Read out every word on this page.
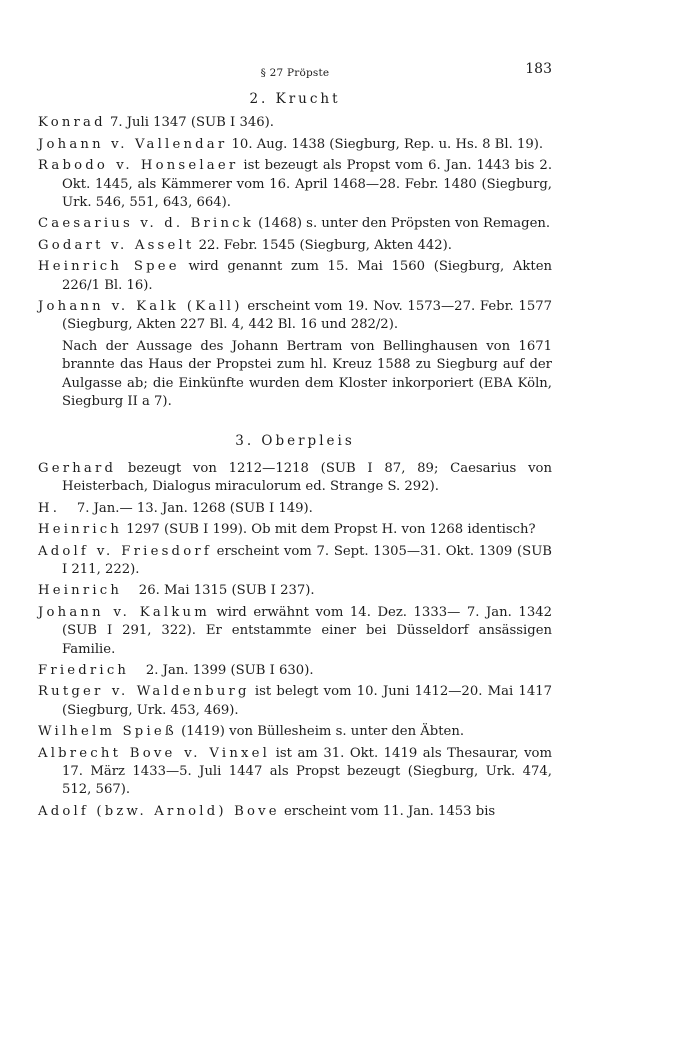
§ 27 Pröpste	183
2. Krucht

Konrad 7. Juli 1347 (SUB I 346).

Johann v. Vallendar 10. Aug. 1438 (Siegburg, Rep. u. Hs. 8 Bl. 19).

Rabodo v. Honselaer ist bezeugt als Propst vom 6. Jan. 1443 bis 2. Okt. 1445, als Kämmerer vom 16. April 1468—28. Febr. 1480 (Siegburg, Urk. 546, 551, 643, 664).

Caesarius v. d. Brinck (1468) s. unter den Pröpsten von Remagen.

Godart v. Asselt 22. Febr. 1545 (Siegburg, Akten 442).

Heinrich Spee wird genannt zum 15. Mai 1560 (Siegburg, Akten 226/1 Bl. 16).

Johann v. Kalk (Kall) erscheint vom 19. Nov. 1573—27. Febr. 1577 (Siegburg, Akten 227 Bl. 4, 442 Bl. 16 und 282/2).

Nach der Aussage des Johann Bertram von Bellinghausen von 1671 brannte das Haus der Propstei zum hl. Kreuz 1588 zu Siegburg auf der Aulgasse ab; die Einkünfte wurden dem Kloster inkorporiert (EBA Köln, Siegburg II a 7).

3. Oberpleis

Gerhard bezeugt von 1212—1218 (SUB I 87, 89; Caesarius von Heisterbach, Dialogus miraculorum ed. Strange S. 292).

H.    7. Jan.— 13. Jan. 1268 (SUB I 149).

Heinrich 1297 (SUB I 199). Ob mit dem Propst H. von 1268 identisch?

Adolf v. Friesdorf erscheint vom 7. Sept. 1305—31. Okt. 1309 (SUB I 211, 222).

Heinrich    26. Mai 1315 (SUB I 237).

Johann v. Kalkum wird erwähnt vom 14. Dez. 1333— 7. Jan. 1342 (SUB I 291, 322). Er entstammte einer bei Düsseldorf ansässigen Familie.

Friedrich    2. Jan. 1399 (SUB I 630).

Rutger v. Waldenburg ist belegt vom 10. Juni 1412—20. Mai 1417 (Siegburg, Urk. 453, 469).

Wilhelm Spieß (1419) von Büllesheim s. unter den Äbten.

Albrecht Bove v. Vinxel ist am 31. Okt. 1419 als Thesaurar, vom 17. März 1433—5. Juli 1447 als Propst bezeugt (Siegburg, Urk. 474, 512, 567).

Adolf (bzw. Arnold) Bove erscheint vom 11. Jan. 1453 bis
